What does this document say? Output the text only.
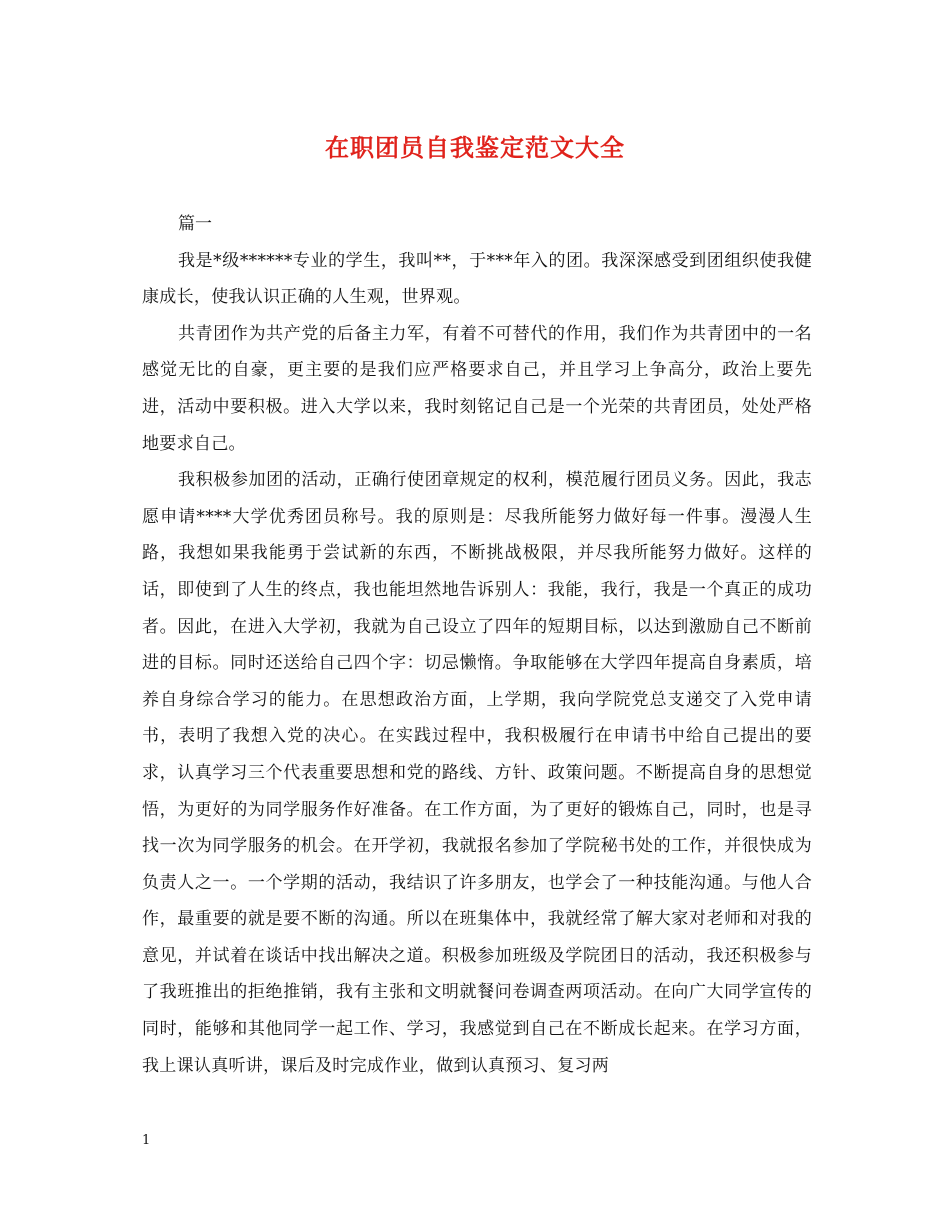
在职团员自我鉴定范文大全

篇一

我是*级******专业的学生，我叫**，于***年入的团。我深深感受到团组织使我健康成长，使我认识正确的人生观，世界观。

共青团作为共产党的后备主力军，有着不可替代的作用，我们作为共青团中的一名感觉无比的自豪，更主要的是我们应严格要求自己，并且学习上争高分，政治上要先进，活动中要积极。进入大学以来，我时刻铭记自己是一个光荣的共青团员，处处严格地要求自己。

我积极参加团的活动，正确行使团章规定的权利，模范履行团员义务。因此，我志愿申请****大学优秀团员称号。我的原则是：尽我所能努力做好每一件事。漫漫人生路，我想如果我能勇于尝试新的东西，不断挑战极限，并尽我所能努力做好。这样的话，即使到了人生的终点，我也能坦然地告诉别人：我能，我行，我是一个真正的成功者。因此，在进入大学初，我就为自己设立了四年的短期目标，以达到激励自己不断前进的目标。同时还送给自己四个字：切忌懒惰。争取能够在大学四年提高自身素质，培养自身综合学习的能力。在思想政治方面，上学期，我向学院党总支递交了入党申请书，表明了我想入党的决心。在实践过程中，我积极履行在申请书中给自己提出的要求，认真学习三个代表重要思想和党的路线、方针、政策问题。不断提高自身的思想觉悟，为更好的为同学服务作好准备。在工作方面，为了更好的锻炼自己，同时，也是寻找一次为同学服务的机会。在开学初，我就报名参加了学院秘书处的工作，并很快成为负责人之一。一个学期的活动，我结识了许多朋友，也学会了一种技能沟通。与他人合作，最重要的就是要不断的沟通。所以在班集体中，我就经常了解大家对老师和对我的意见，并试着在谈话中找出解决之道。积极参加班级及学院团日的活动，我还积极参与了我班推出的拒绝推销，我有主张和文明就餐问卷调查两项活动。在向广大同学宣传的同时，能够和其他同学一起工作、学习，我感觉到自己在不断成长起来。在学习方面，我上课认真听讲，课后及时完成作业，做到认真预习、复习两

1
